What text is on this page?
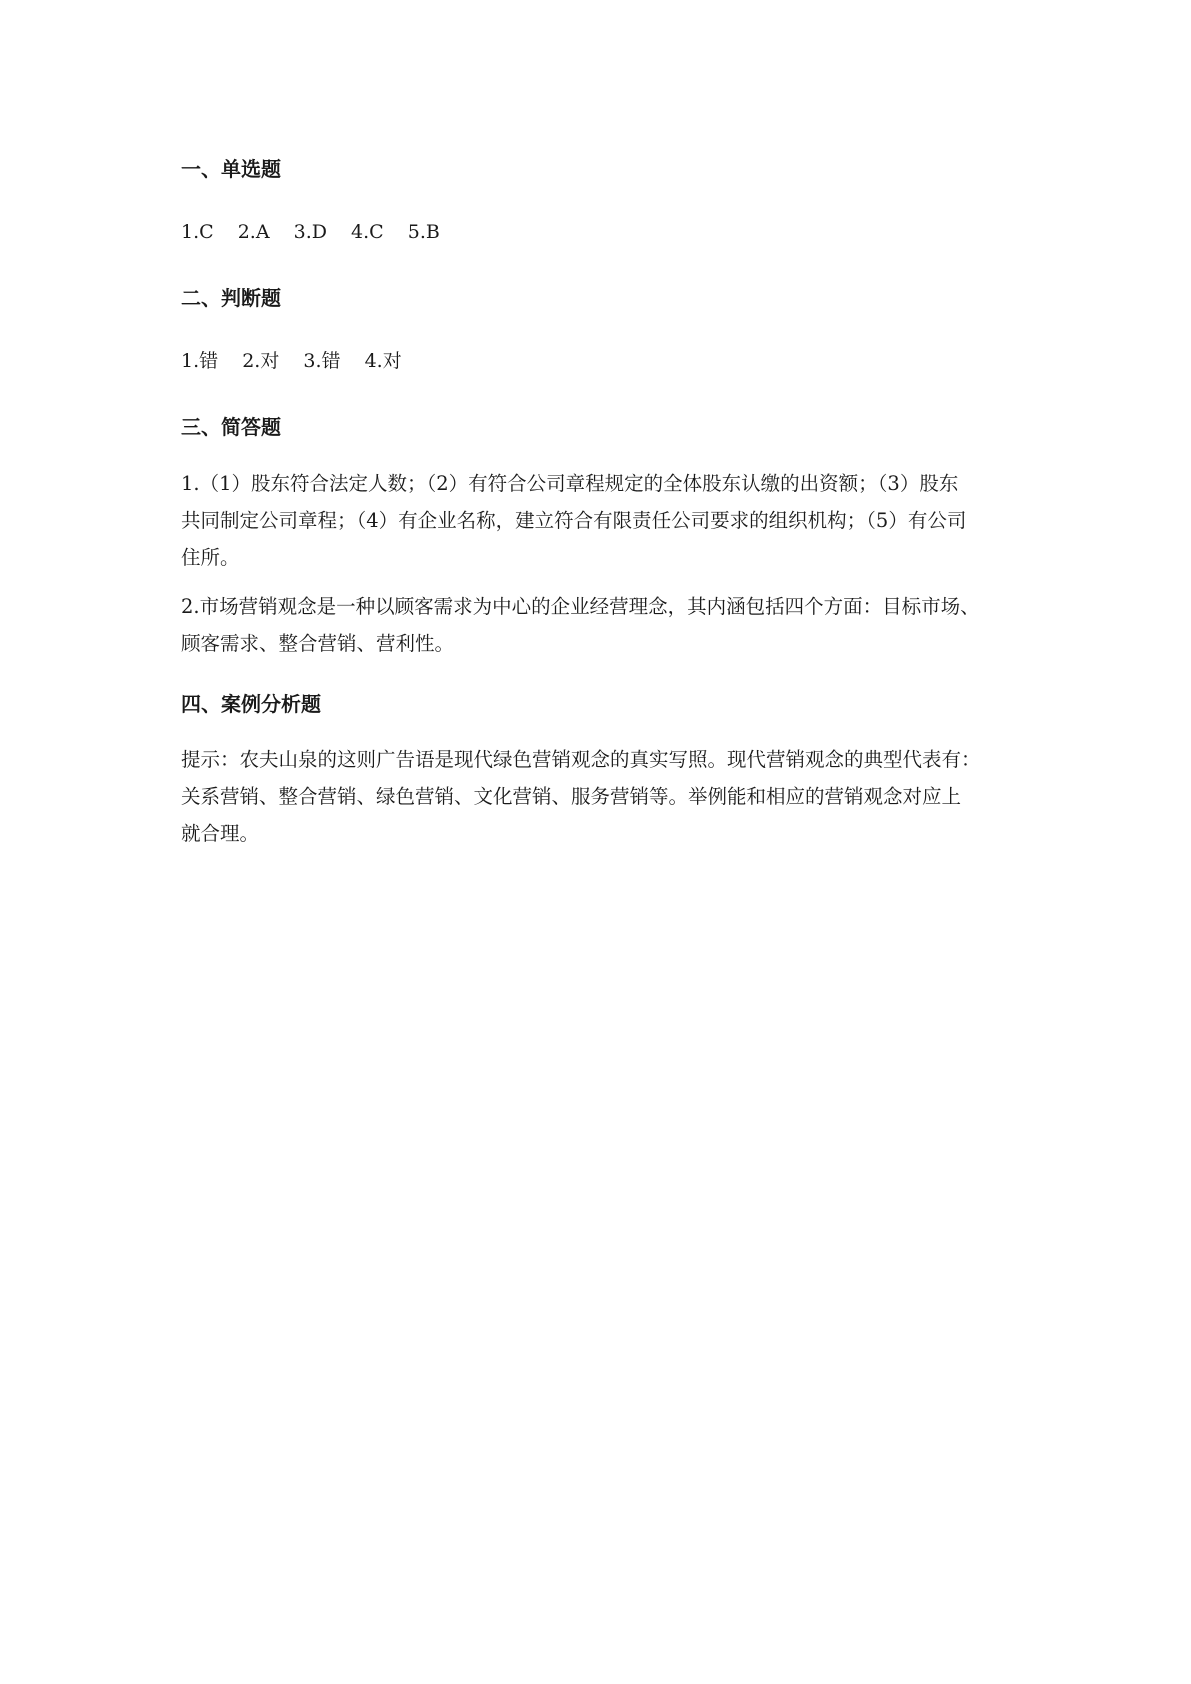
一、单选题
1.C 2.A 3.D 4.C 5.B
二、判断题
1.错 2.对 3.错 4.对
三、简答题
1.（1）股东符合法定人数；（2）有符合公司章程规定的全体股东认缴的出资额；（3）股东
共同制定公司章程；（4）有企业名称，建立符合有限责任公司要求的组织机构；（5）有公司
住所。
2.市场营销观念是一种以顾客需求为中心的企业经营理念，其内涵包括四个方面：目标市场、
顾客需求、整合营销、营利性。
四、案例分析题
提示：农夫山泉的这则广告语是现代绿色营销观念的真实写照。现代营销观念的典型代表有：
关系营销、整合营销、绿色营销、文化营销、服务营销等。举例能和相应的营销观念对应上
就合理。
